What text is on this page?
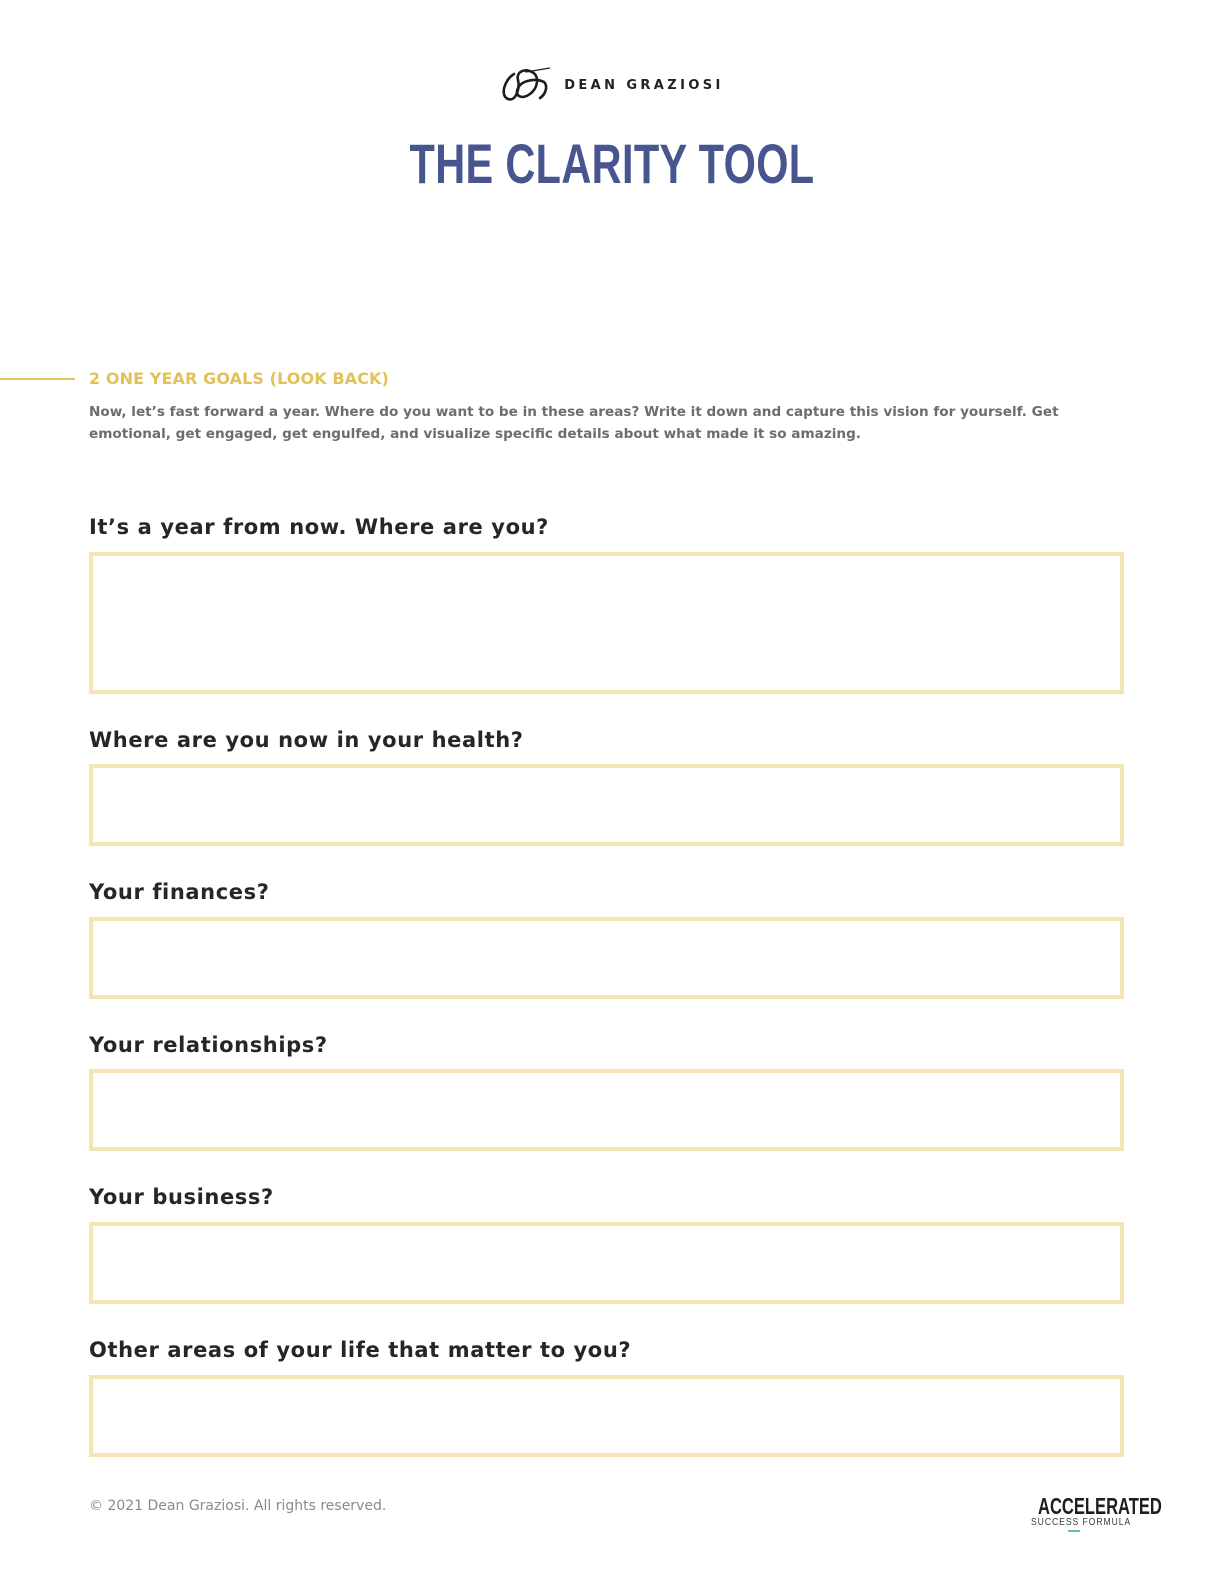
DEAN GRAZIOSI
THE CLARITY TOOL
2 ONE YEAR GOALS (LOOK BACK)

Now, let’s fast forward a year. Where do you want to be in these areas? Write it down and capture this vision for yourself. Get emotional, get engaged, get engulfed, and visualize specific details about what made it so amazing.

It’s a year from now. Where are you?
Where are you now in your health?
Your finances?
Your relationships?
Your business?
Other areas of your life that matter to you?

© 2021 Dean Graziosi. All rights reserved.	ACCELERATED
SUCCESS FORMULA
